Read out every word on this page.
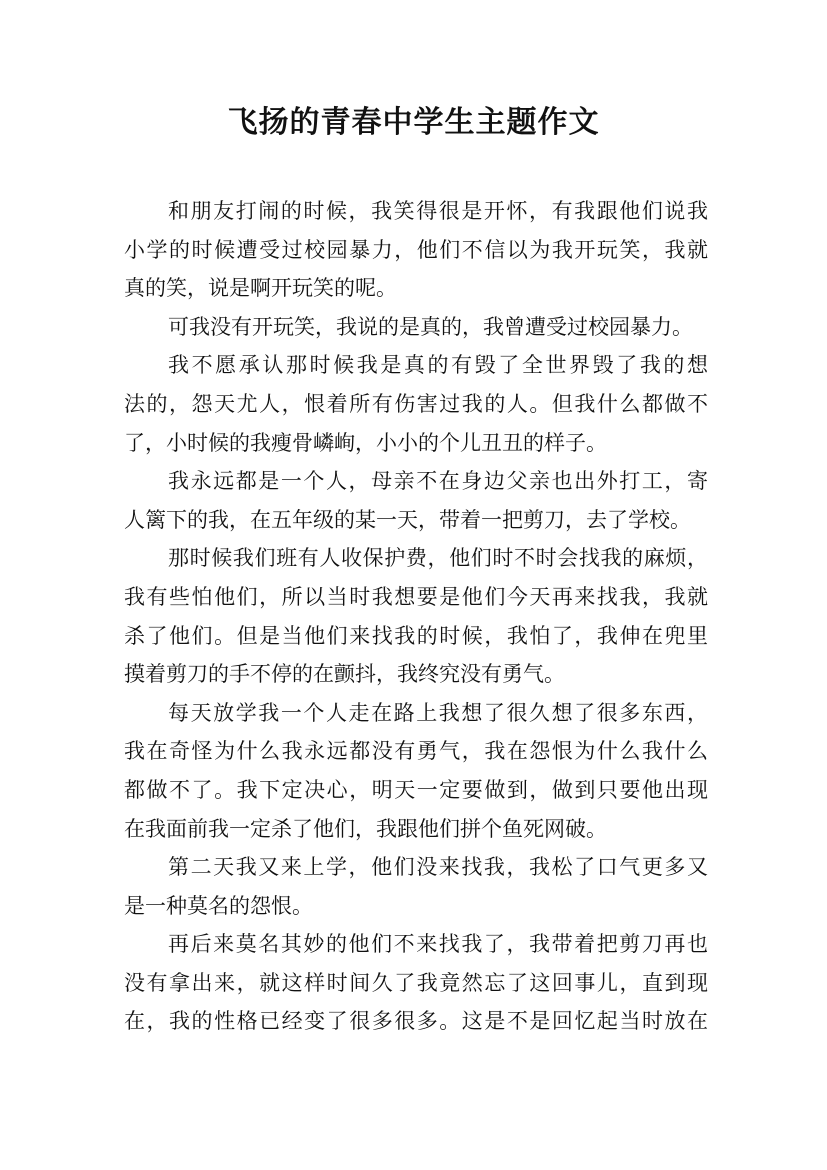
飞扬的青春中学生主题作文
和朋友打闹的时候，我笑得很是开怀，有我跟他们说我
小学的时候遭受过校园暴力，他们不信以为我开玩笑，我就
真的笑，说是啊开玩笑的呢。
可我没有开玩笑，我说的是真的，我曾遭受过校园暴力。
我不愿承认那时候我是真的有毁了全世界毁了我的想
法的，怨天尤人，恨着所有伤害过我的人。但我什么都做不
了，小时候的我瘦骨嶙峋，小小的个儿丑丑的样子。
我永远都是一个人，母亲不在身边父亲也出外打工，寄
人篱下的我，在五年级的某一天，带着一把剪刀，去了学校。
那时候我们班有人收保护费，他们时不时会找我的麻烦，
我有些怕他们，所以当时我想要是他们今天再来找我，我就
杀了他们。但是当他们来找我的时候，我怕了，我伸在兜里
摸着剪刀的手不停的在颤抖，我终究没有勇气。
每天放学我一个人走在路上我想了很久想了很多东西，
我在奇怪为什么我永远都没有勇气，我在怨恨为什么我什么
都做不了。我下定决心，明天一定要做到，做到只要他出现
在我面前我一定杀了他们，我跟他们拼个鱼死网破。
第二天我又来上学，他们没来找我，我松了口气更多又
是一种莫名的怨恨。
再后来莫名其妙的他们不来找我了，我带着把剪刀再也
没有拿出来，就这样时间久了我竟然忘了这回事儿，直到现
在，我的性格已经变了很多很多。这是不是回忆起当时放在
